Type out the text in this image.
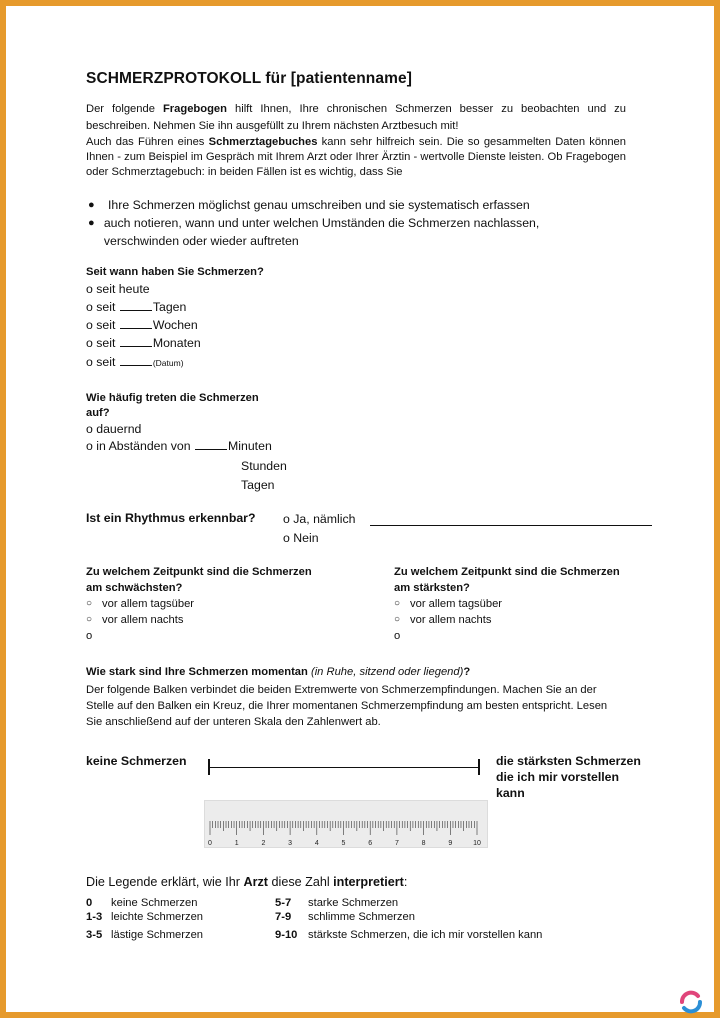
SCHMERZPROTOKOLL für [patientenname]
Der folgende Fragebogen hilft Ihnen, Ihre chronischen Schmerzen besser zu beobachten und zu beschreiben. Nehmen Sie ihn ausgefüllt zu Ihrem nächsten Arztbesuch mit!
Auch das Führen eines Schmerztagebuches kann sehr hilfreich sein. Die so gesammelten Daten können Ihnen - zum Beispiel im Gespräch mit Ihrem Arzt oder Ihrer Ärztin - wertvolle Dienste leisten. Ob Fragebogen oder Schmerztagebuch: in beiden Fällen ist es wichtig, dass Sie
●	Ihre Schmerzen möglichst genau umschreiben und sie systematisch erfassen
● auch notieren, wann und unter welchen Umständen die Schmerzen nachlassen, verschwinden oder wieder auftreten
Seit wann haben Sie Schmerzen?
o seit heute
o seit	Tagen
o seit	Wochen
o seit	Monaten
o seit	(Datum)
Wie häufig treten die Schmerzen
auf?
o dauernd
o in Abständen von	Minuten
Stunden
Tagen
Ist ein Rhythmus erkennbar? o Ja, nämlich
o Nein
Zu welchem Zeitpunkt sind die Schmerzen
am schwächsten?
○ vor allem tagsüber
○ vor allem nachts
o
Zu welchem Zeitpunkt sind die Schmerzen
am stärksten?
○ vor allem tagsüber
○ vor allem nachts
o
Wie stark sind Ihre Schmerzen momentan (in Ruhe, sitzend oder liegend)?
Der folgende Balken verbindet die beiden Extremwerte von Schmerzempfindungen. Machen Sie an der Stelle auf den Balken ein Kreuz, die Ihrer momentanen Schmerzempfindung am besten entspricht. Lesen Sie anschließend auf der unteren Skala den Zahlenwert ab.
keine Schmerzen	die stärksten Schmerzen
die ich mir vorstellen
kann
0	1	2	3	4	5	6	7	8	9	10
Die Legende erklärt, wie Ihr Arzt diese Zahl interpretiert:
0 keine Schmerzen
1-3 leichte Schmerzen
3-5 lästige Schmerzen
5-7 starke Schmerzen
7-9 schlimme Schmerzen
9-10 stärkste Schmerzen, die ich mir vorstellen kann
